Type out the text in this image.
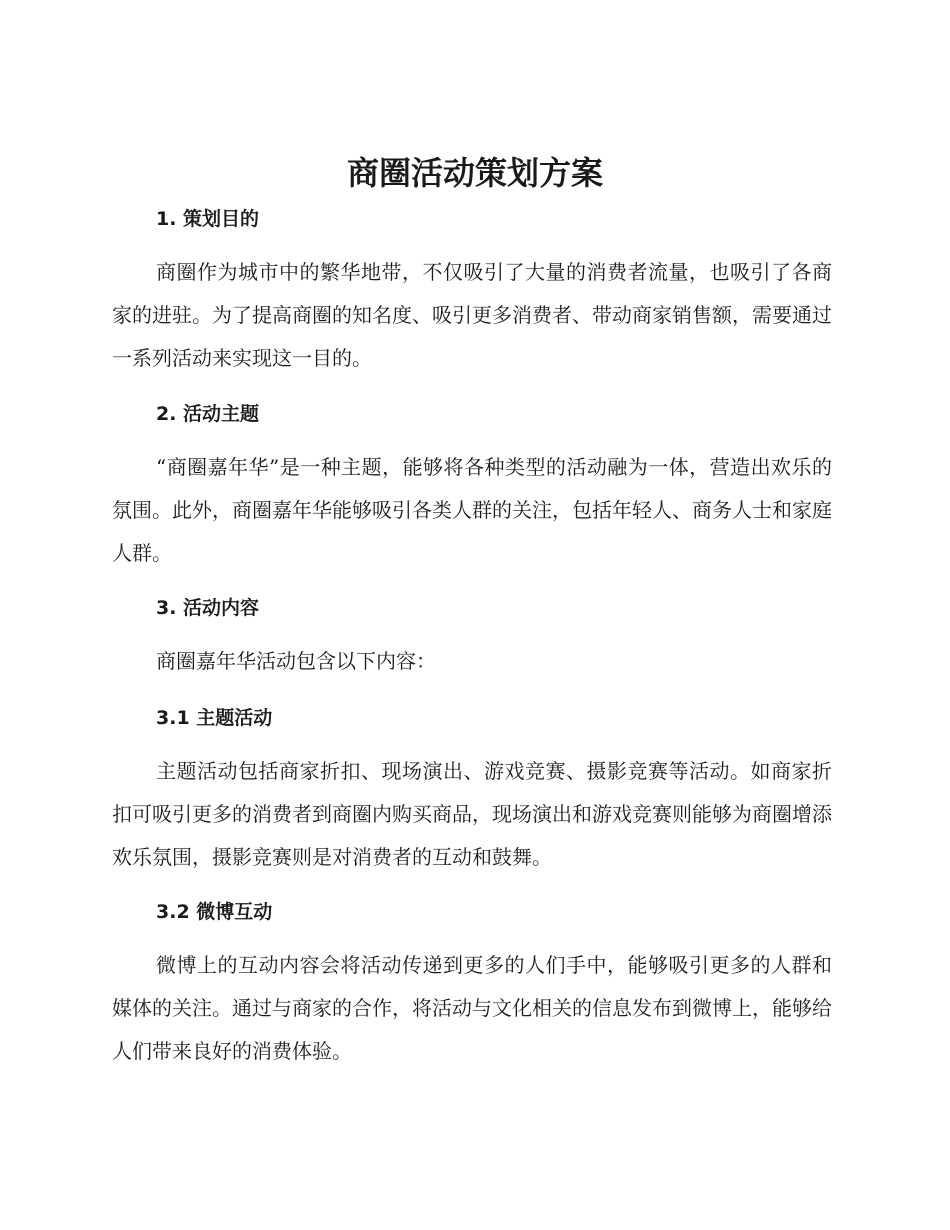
商圈活动策划方案
1. 策划目的

商圈作为城市中的繁华地带，不仅吸引了大量的消费者流量，也吸引了各商家的进驻。为了提高商圈的知名度、吸引更多消费者、带动商家销售额，需要通过一系列活动来实现这一目的。

2. 活动主题

“商圈嘉年华”是一种主题，能够将各种类型的活动融为一体，营造出欢乐的氛围。此外，商圈嘉年华能够吸引各类人群的关注，包括年轻人、商务人士和家庭人群。

3. 活动内容

商圈嘉年华活动包含以下内容：

3.1 主题活动

主题活动包括商家折扣、现场演出、游戏竞赛、摄影竞赛等活动。如商家折扣可吸引更多的消费者到商圈内购买商品，现场演出和游戏竞赛则能够为商圈增添欢乐氛围，摄影竞赛则是对消费者的互动和鼓舞。

3.2 微博互动

微博上的互动内容会将活动传递到更多的人们手中，能够吸引更多的人群和媒体的关注。通过与商家的合作，将活动与文化相关的信息发布到微博上，能够给人们带来良好的消费体验。
